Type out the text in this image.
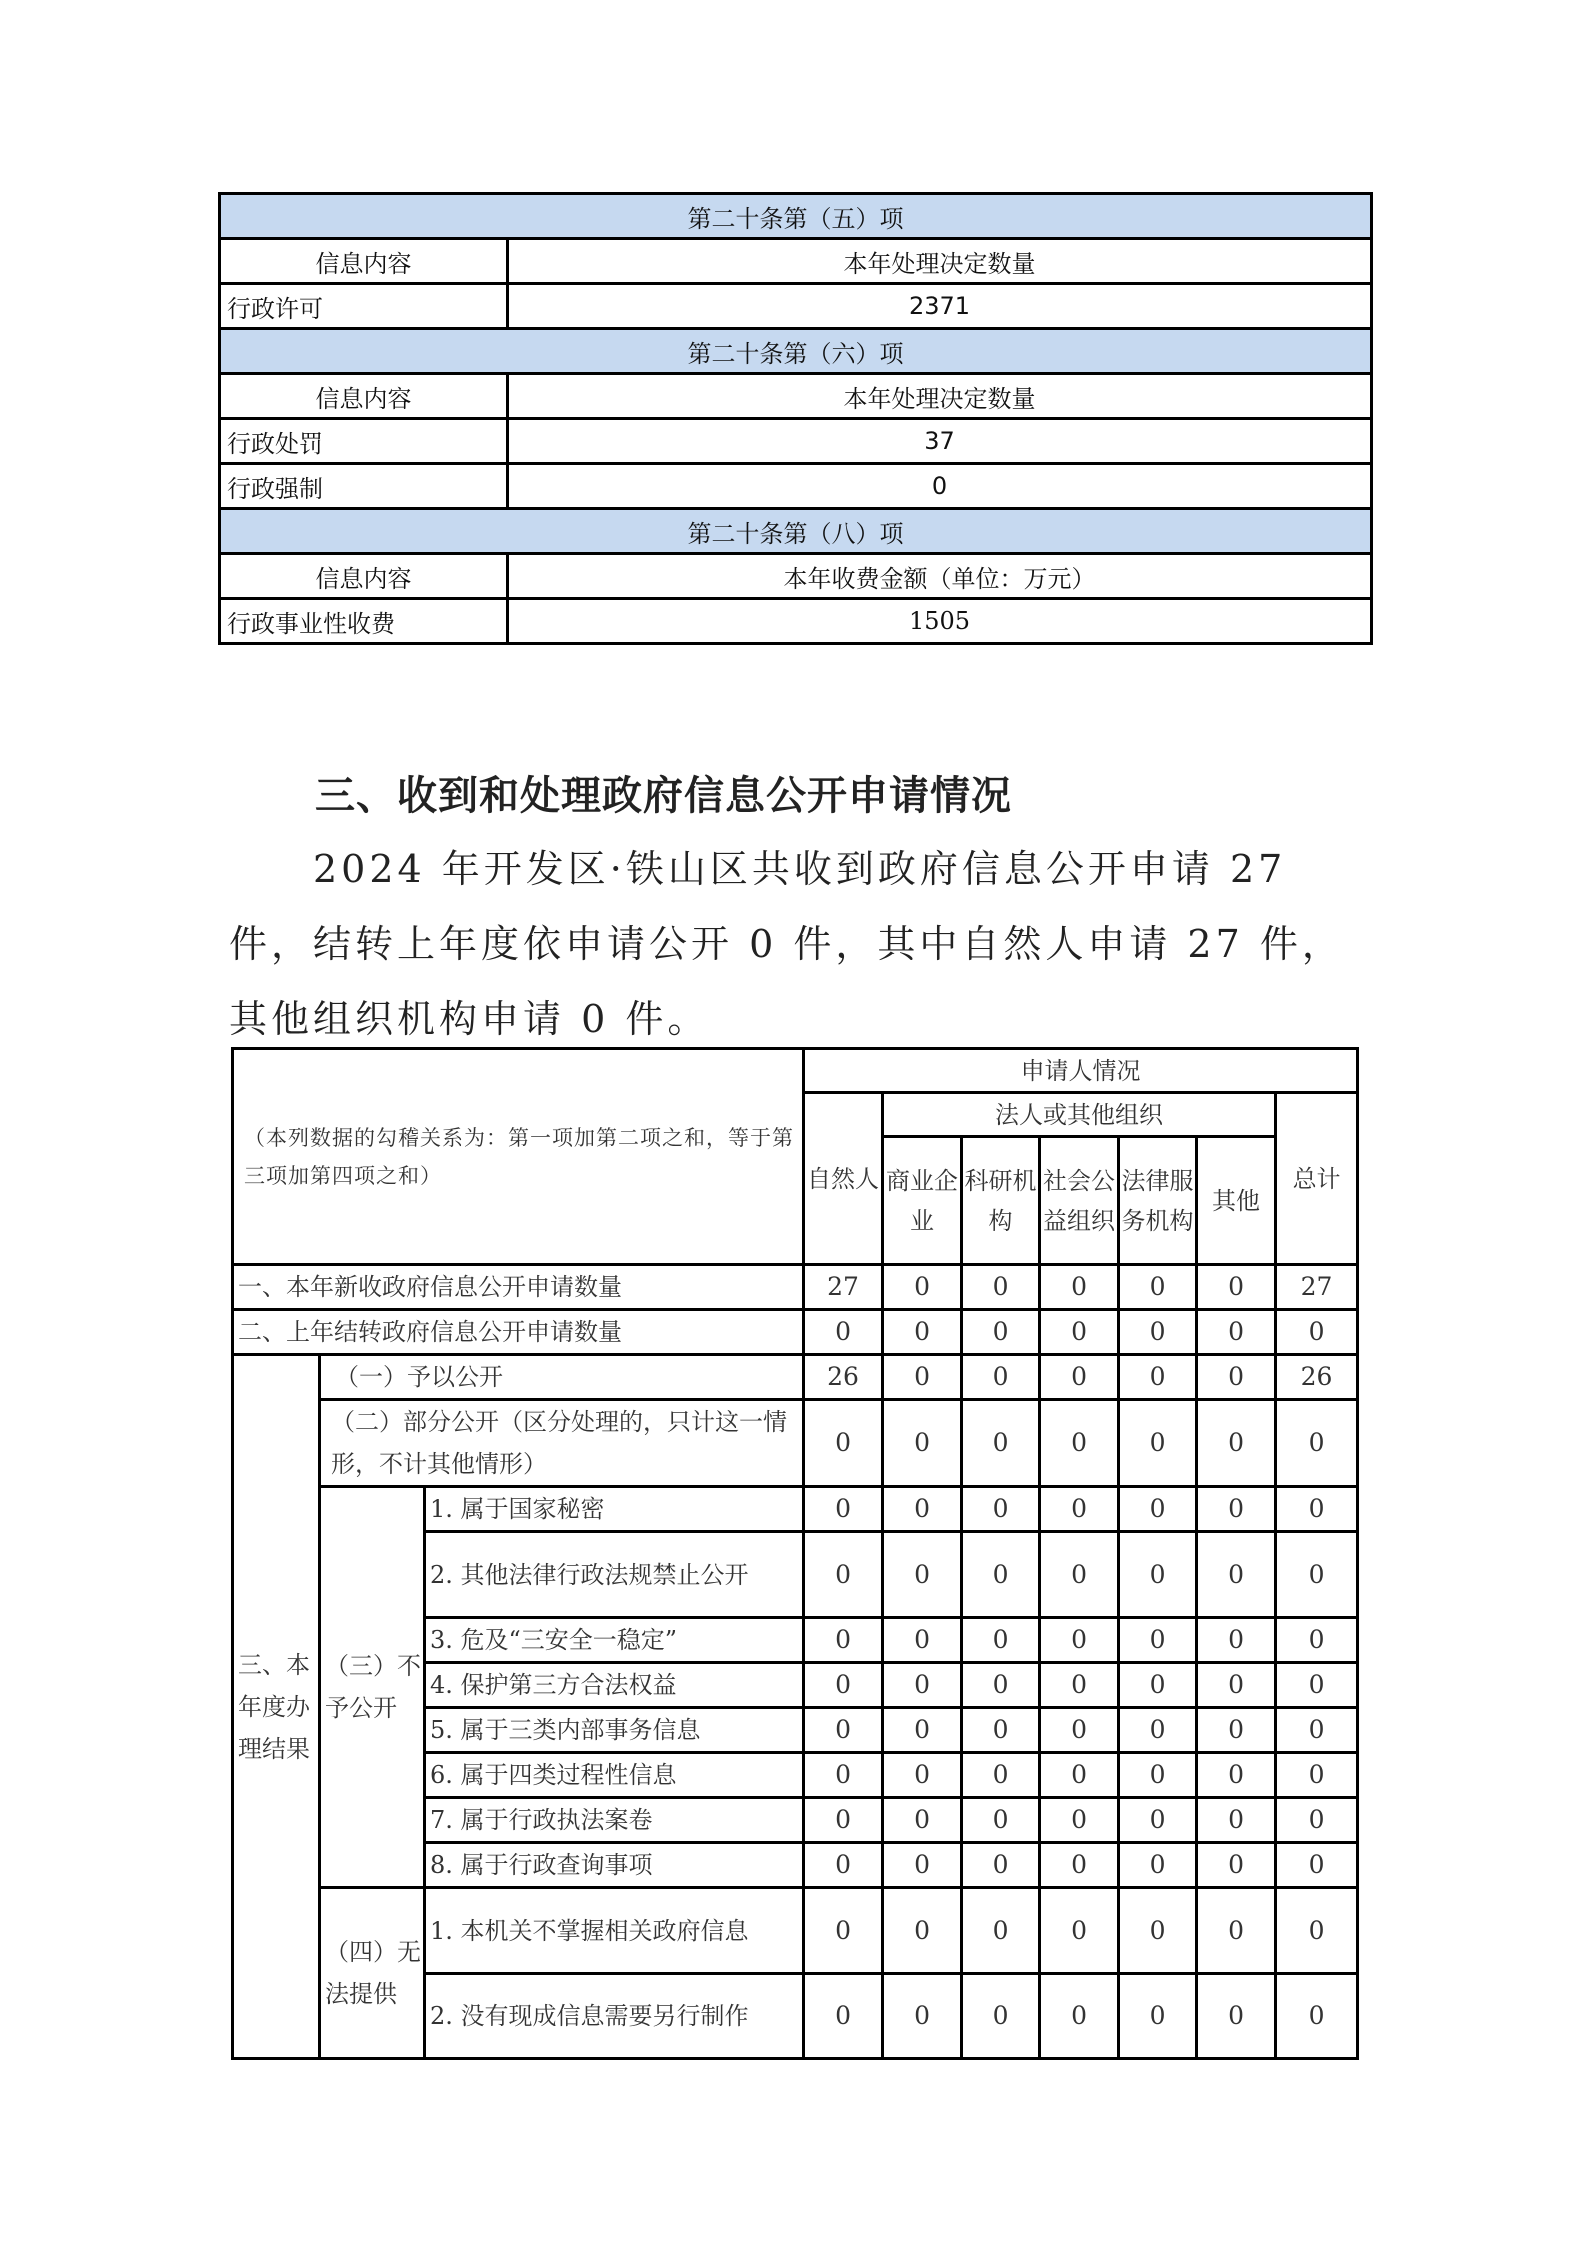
第二十条第（五）项	
信息内容	本年处理决定数量
行政许可	2371
第二十条第（六）项	
信息内容	本年处理决定数量
行政处罚	37
行政强制	0
第二十条第（八）项	
信息内容	本年收费金额（单位：万元）
行政事业性收费	1505
三、收到和处理政府信息公开申请情况
2024 年开发区·铁山区共收到政府信息公开申请 27 件，结转上年度依申请公开 0 件，其中自然人申请 27 件，其他组织机构申请 0 件。
（本列数据的勾稽关系为：第一项加第二项之和，等于第三项加第四项之和）			申请人情况						
			自然人	法人或其他组织					总计
				商业企业	科研机构	社会公益组织	法律服务机构	其他	
一、本年新收政府信息公开申请数量			27	0	0	0	0	0	27
二、上年结转政府信息公开申请数量			0	0	0	0	0	0	0
三、本年度办理结果	（一）予以公开		26	0	0	0	0	0	26
	（二）部分公开（区分处理的，只计这一情形，不计其他情形）		0	0	0	0	0	0	0
	（三）不予公开	1. 属于国家秘密	0	0	0	0	0	0	0
		2. 其他法律行政法规禁止公开	0	0	0	0	0	0	0
		3. 危及“三安全一稳定”	0	0	0	0	0	0	0
		4. 保护第三方合法权益	0	0	0	0	0	0	0
		5. 属于三类内部事务信息	0	0	0	0	0	0	0
		6. 属于四类过程性信息	0	0	0	0	0	0	0
		7. 属于行政执法案卷	0	0	0	0	0	0	0
		8. 属于行政查询事项	0	0	0	0	0	0	0
	（四）无法提供	1. 本机关不掌握相关政府信息	0	0	0	0	0	0	0
		2. 没有现成信息需要另行制作	0	0	0	0	0	0	0
